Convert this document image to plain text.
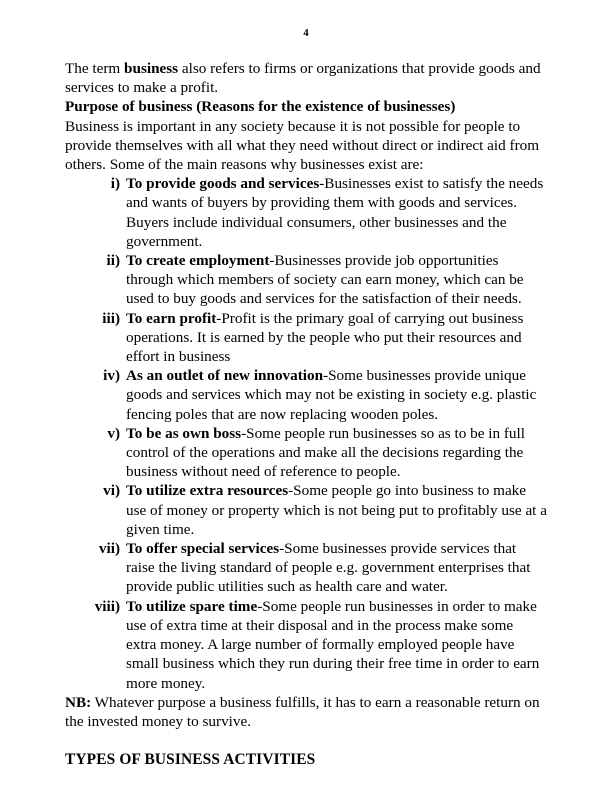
4

The term business also refers to firms or organizations that provide goods and services to make a profit.

Purpose of business (Reasons for the existence of businesses)

Business is important in any society because it is not possible for people to provide themselves with all what they need without direct or indirect aid from others. Some of the main reasons why businesses exist are:

i) To provide goods and services-Businesses exist to satisfy the needs and wants of buyers by providing them with goods and services. Buyers include individual consumers, other businesses and the government.
ii) To create employment-Businesses provide job opportunities through which members of society can earn money, which can be used to buy goods and services for the satisfaction of their needs.
iii) To earn profit-Profit is the primary goal of carrying out business operations. It is earned by the people who put their resources and effort in business
iv) As an outlet of new innovation-Some businesses provide unique goods and services which may not be existing in society e.g. plastic fencing poles that are now replacing wooden poles.
v) To be as own boss-Some people run businesses so as to be in full control of the operations and make all the decisions regarding the business without need of reference to people.
vi) To utilize extra resources-Some people go into business to make use of money or property which is not being put to profitably use at a given time.
vii) To offer special services-Some businesses provide services that raise the living standard of people e.g. government enterprises that provide public utilities such as health care and water.
viii) To utilize spare time-Some people run businesses in order to make use of extra time at their disposal and in the process make some extra money. A large number of formally employed people have small business which they run during their free time in order to earn more money.

NB: Whatever purpose a business fulfills, it has to earn a reasonable return on the invested money to survive.

TYPES OF BUSINESS ACTIVITIES
